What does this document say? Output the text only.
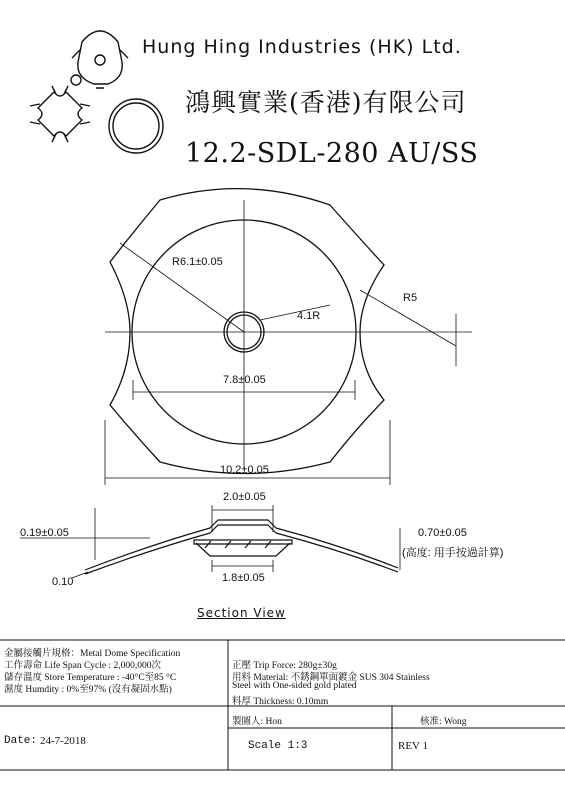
Hung Hing Industries (HK) Ltd.
鴻興實業(香港)有限公司
12.2-SDL-280 AU/SS
R6.1±0.05
R5
4.1R
7.8±0.05
10.2±0.05
2.0±0.05
0.19±0.05	0.70±0.05
(高度: 用手按過計算)
1.8±0.05
0.10
Section View
金屬接觸片規格：Metal Dome Specification
工作壽命 Life Span Cycle : 2,000,000次
儲存溫度 Store Temperature : -40°C至85 °C
濕度 Humdity : 0%至97% (沒有凝固水點)
正壓 Trip Force: 280g±30g
用料 Material: 不銹鋼單面鍍金 SUS 304 Stainless
Steel with One-sided gold plated
料厚 Thickness: 0.10mm
製圖人: Hon	核准: Wong
Date: 24-7-2018	Scale 1:3	REV 1
